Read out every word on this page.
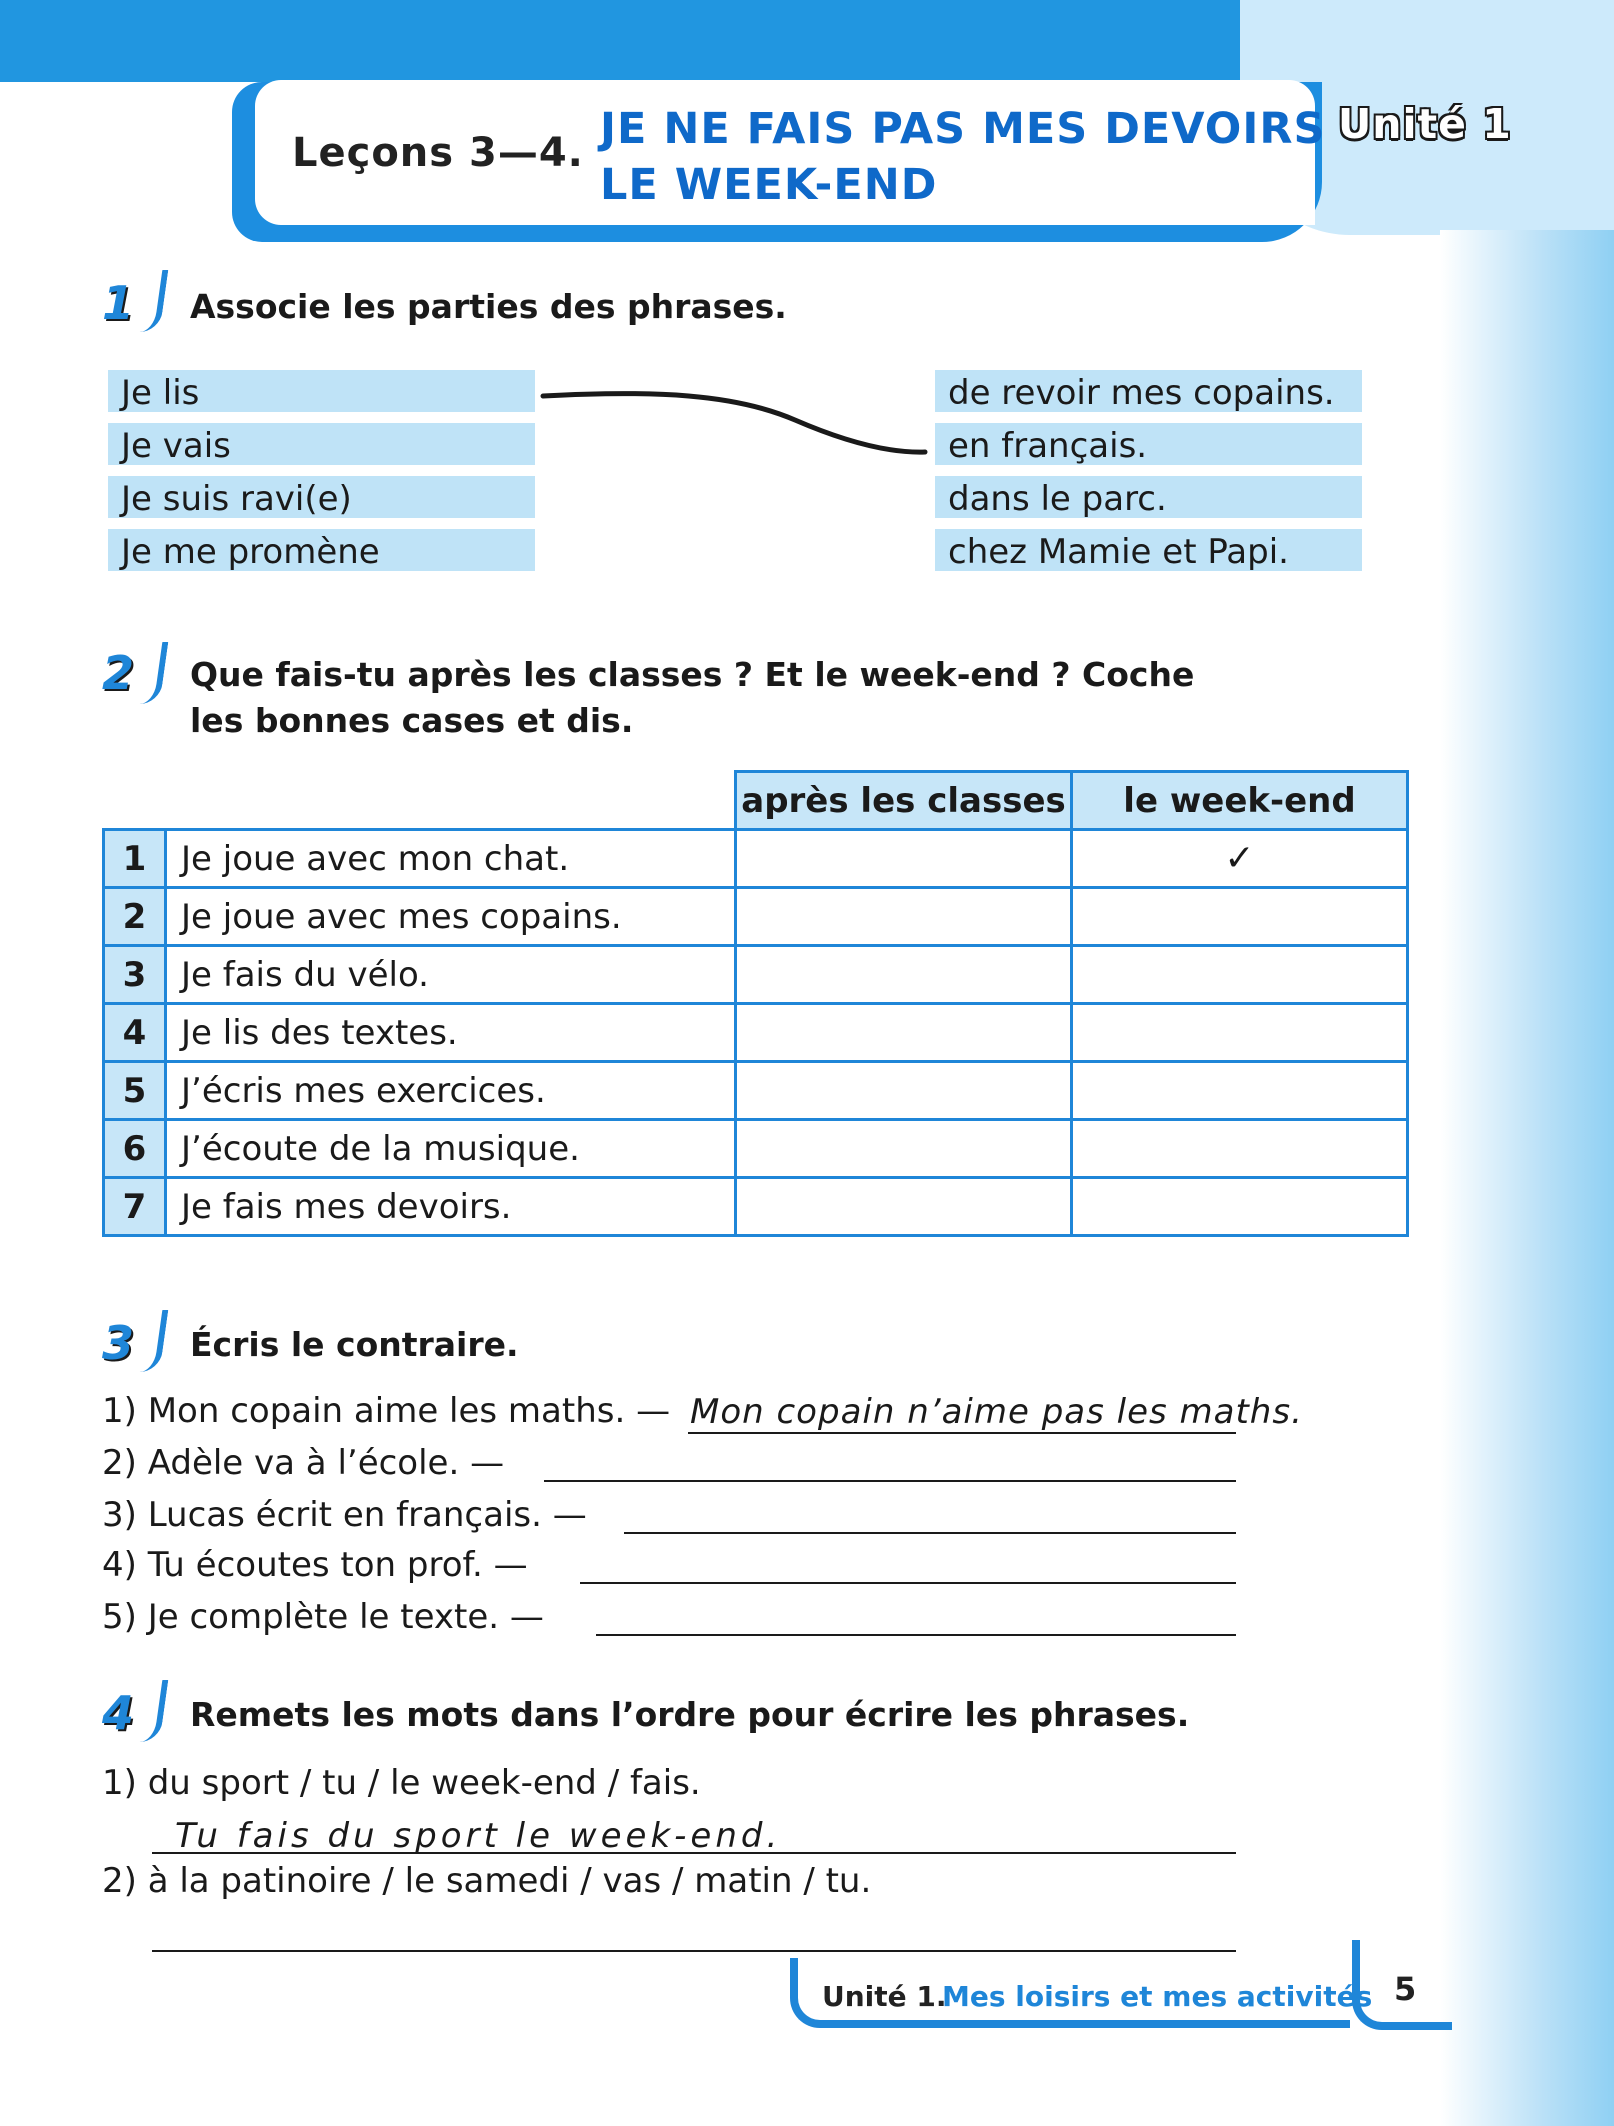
Leçons 3—4. JE NE FAIS PAS MES DEVOIRS
LE WEEK-END
Unité 1
1 Associe les parties des phrases.
Je lis
Je vais
Je suis ravi(e)
Je me promène
de revoir mes copains.
en français.
dans le parc.
chez Mamie et Papi.
2 Que fais-tu après les classes ? Et le week-end ? Coche
les bonnes cases et dis.
		après les classes	le week-end
1	Je joue avec mon chat.		✓
2	Je joue avec mes copains.		
3	Je fais du vélo.		
4	Je lis des textes.		
5	J’écris mes exercices.		
6	J’écoute de la musique.		
7	Je fais mes devoirs.		
3 Écris le contraire.
1) Mon copain aime les maths. — Mon copain n’aime pas les maths.
2) Adèle va à l’école. —
3) Lucas écrit en français. —
4) Tu écoutes ton prof. —
5) Je complète le texte. —
4 Remets les mots dans l’ordre pour écrire les phrases.
1) du sport / tu / le week-end / fais.
Tu fais du sport le week-end.
2) à la patinoire / le samedi / vas / matin / tu.
Unité 1.
Mes loisirs et mes activités 5
